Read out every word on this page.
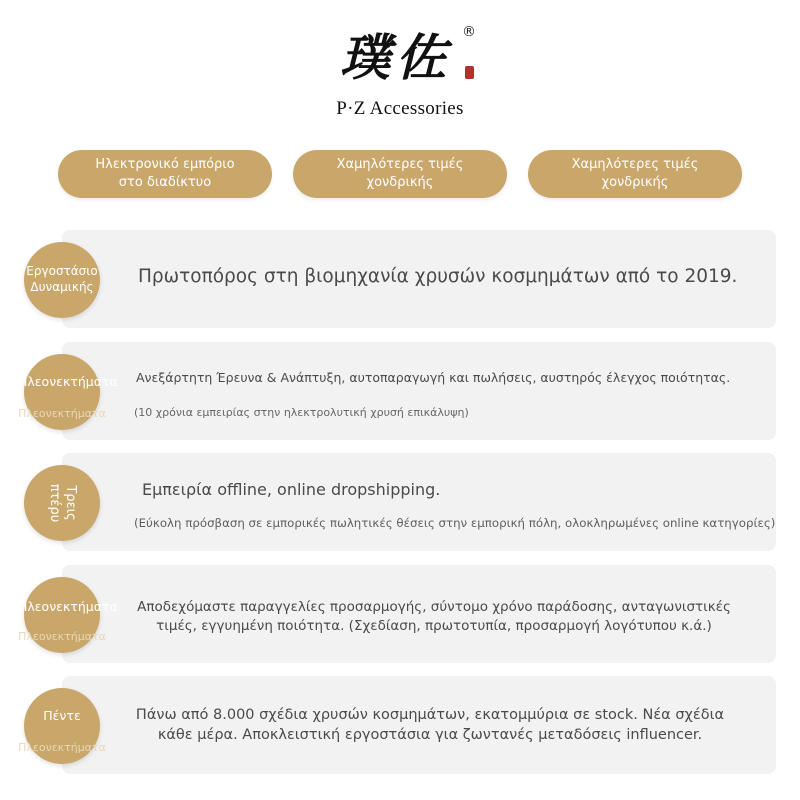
璞佐 ®
P·Z Accessories
Ηλεκτρονικό εμπόριο
στο διαδίκτυο
Χαμηλότερες τιμές χονδρικής
Χαμηλότερες τιμές χονδρικής
Εργοστάσιο
Δυναμικής	Πρωτοπόρος στη βιομηχανία χρυσών κοσμημάτων από το 2019.
Πλεονεκτήματα
Πλεονεκτήματα
Ανεξάρτητη Έρευνα & Ανάπτυξη, αυτοπαραγωγή και πωλήσεις, αυστηρός έλεγχος ποιότητας.
(10 χρόνια εμπειρίας στην ηλεκτρολυτική χρυσή επικάλυψη)
Τρεις
πτέρυ	Εμπειρία offline, online dropshipping.
(Εύκολη πρόσβαση σε εμπορικές πωλητικές θέσεις στην εμπορική πόλη, ολοκληρωμένες online κατηγορίες)
Πλεονεκτήματα
Πλεονεκτήματα
Αποδεχόμαστε παραγγελίες προσαρμογής, σύντομο χρόνο παράδοσης, ανταγωνιστικές τιμές, εγγυημένη ποιότητα. (Σχεδίαση, πρωτοτυπία, προσαρμογή λογότυπου κ.ά.)
Πέντε
Πλεονεκτήματα
Πάνω από 8.000 σχέδια χρυσών κοσμημάτων, εκατομμύρια σε stock. Νέα σχέδια κάθε μέρα. Αποκλειστική εργοστάσια για ζωντανές μεταδόσεις influencer.
